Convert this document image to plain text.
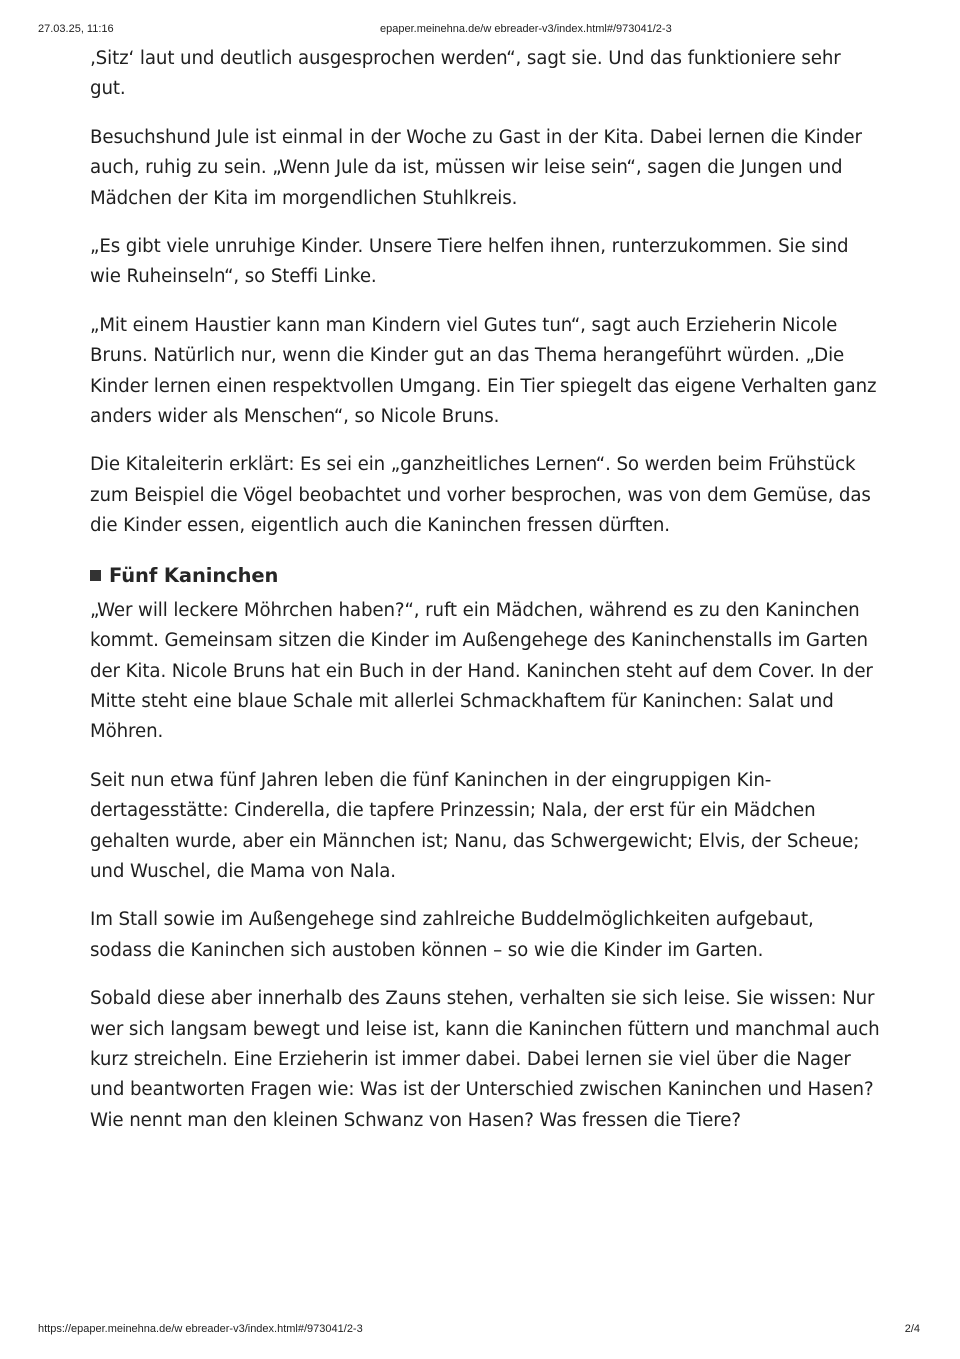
27.03.25, 11:16	epaper.meinehna.de/w ebreader-v3/index.html#/973041/2-3

‚Sitz‘ laut und deutlich ausgesprochen werden“, sagt sie. Und das funktioniere sehr gut.

Besuchshund Jule ist einmal in der Woche zu Gast in der Kita. Dabei lernen die Kinder auch, ruhig zu sein. „Wenn Jule da ist, müssen wir leise sein“, sagen die Jungen und Mädchen der Kita im morgendlichen Stuhlkreis.

„Es gibt viele unruhige Kinder. Unsere Tiere helfen ihnen, runterzukommen. Sie sind wie Ruheinseln“, so Steffi Linke.

„Mit einem Haustier kann man Kindern viel Gutes tun“, sagt auch Erzieherin Nicole Bruns. Natürlich nur, wenn die Kinder gut an das Thema herangeführt würden. „Die Kinder lernen einen respektvollen Umgang. Ein Tier spiegelt das eigene Verhalten ganz anders wider als Menschen“, so Nicole Bruns.

Die Kitaleiterin erklärt: Es sei ein „ganzheitliches Lernen“. So werden beim Frühstück zum Beispiel die Vögel beobachtet und vorher besprochen, was von dem Gemüse, das die Kinder essen, eigentlich auch die Kaninchen fressen dürften.

Fünf Kaninchen

„Wer will leckere Möhrchen haben?“, ruft ein Mädchen, während es zu den Kaninchen kommt. Gemeinsam sitzen die Kinder im Außengehege des Kaninchenstalls im Garten der Kita. Nicole Bruns hat ein Buch in der Hand. Kaninchen steht auf dem Cover. In der Mitte steht eine blaue Schale mit allerlei Schmackhaftem für Kaninchen: Salat und Möhren.

Seit nun etwa fünf Jahren leben die fünf Kaninchen in der eingruppigen Kindertagesstätte: Cinderella, die tapfere Prinzessin; Nala, der erst für ein Mädchen gehalten wurde, aber ein Männchen ist; Nanu, das Schwergewicht; Elvis, der Scheue; und Wuschel, die Mama von Nala.

Im Stall sowie im Außengehege sind zahlreiche Buddelmöglichkeiten aufgebaut, sodass die Kaninchen sich austoben können – so wie die Kinder im Garten.

Sobald diese aber innerhalb des Zauns stehen, verhalten sie sich leise. Sie wissen: Nur wer sich langsam bewegt und leise ist, kann die Kaninchen füttern und manchmal auch kurz streicheln. Eine Erzieherin ist immer dabei. Dabei lernen sie viel über die Nager und beantworten Fragen wie: Was ist der Unterschied zwischen Kaninchen und Hasen? Wie nennt man den kleinen Schwanz von Hasen? Was fressen die Tiere?

https://epaper.meinehna.de/w ebreader-v3/index.html#/973041/2-3	2/4
